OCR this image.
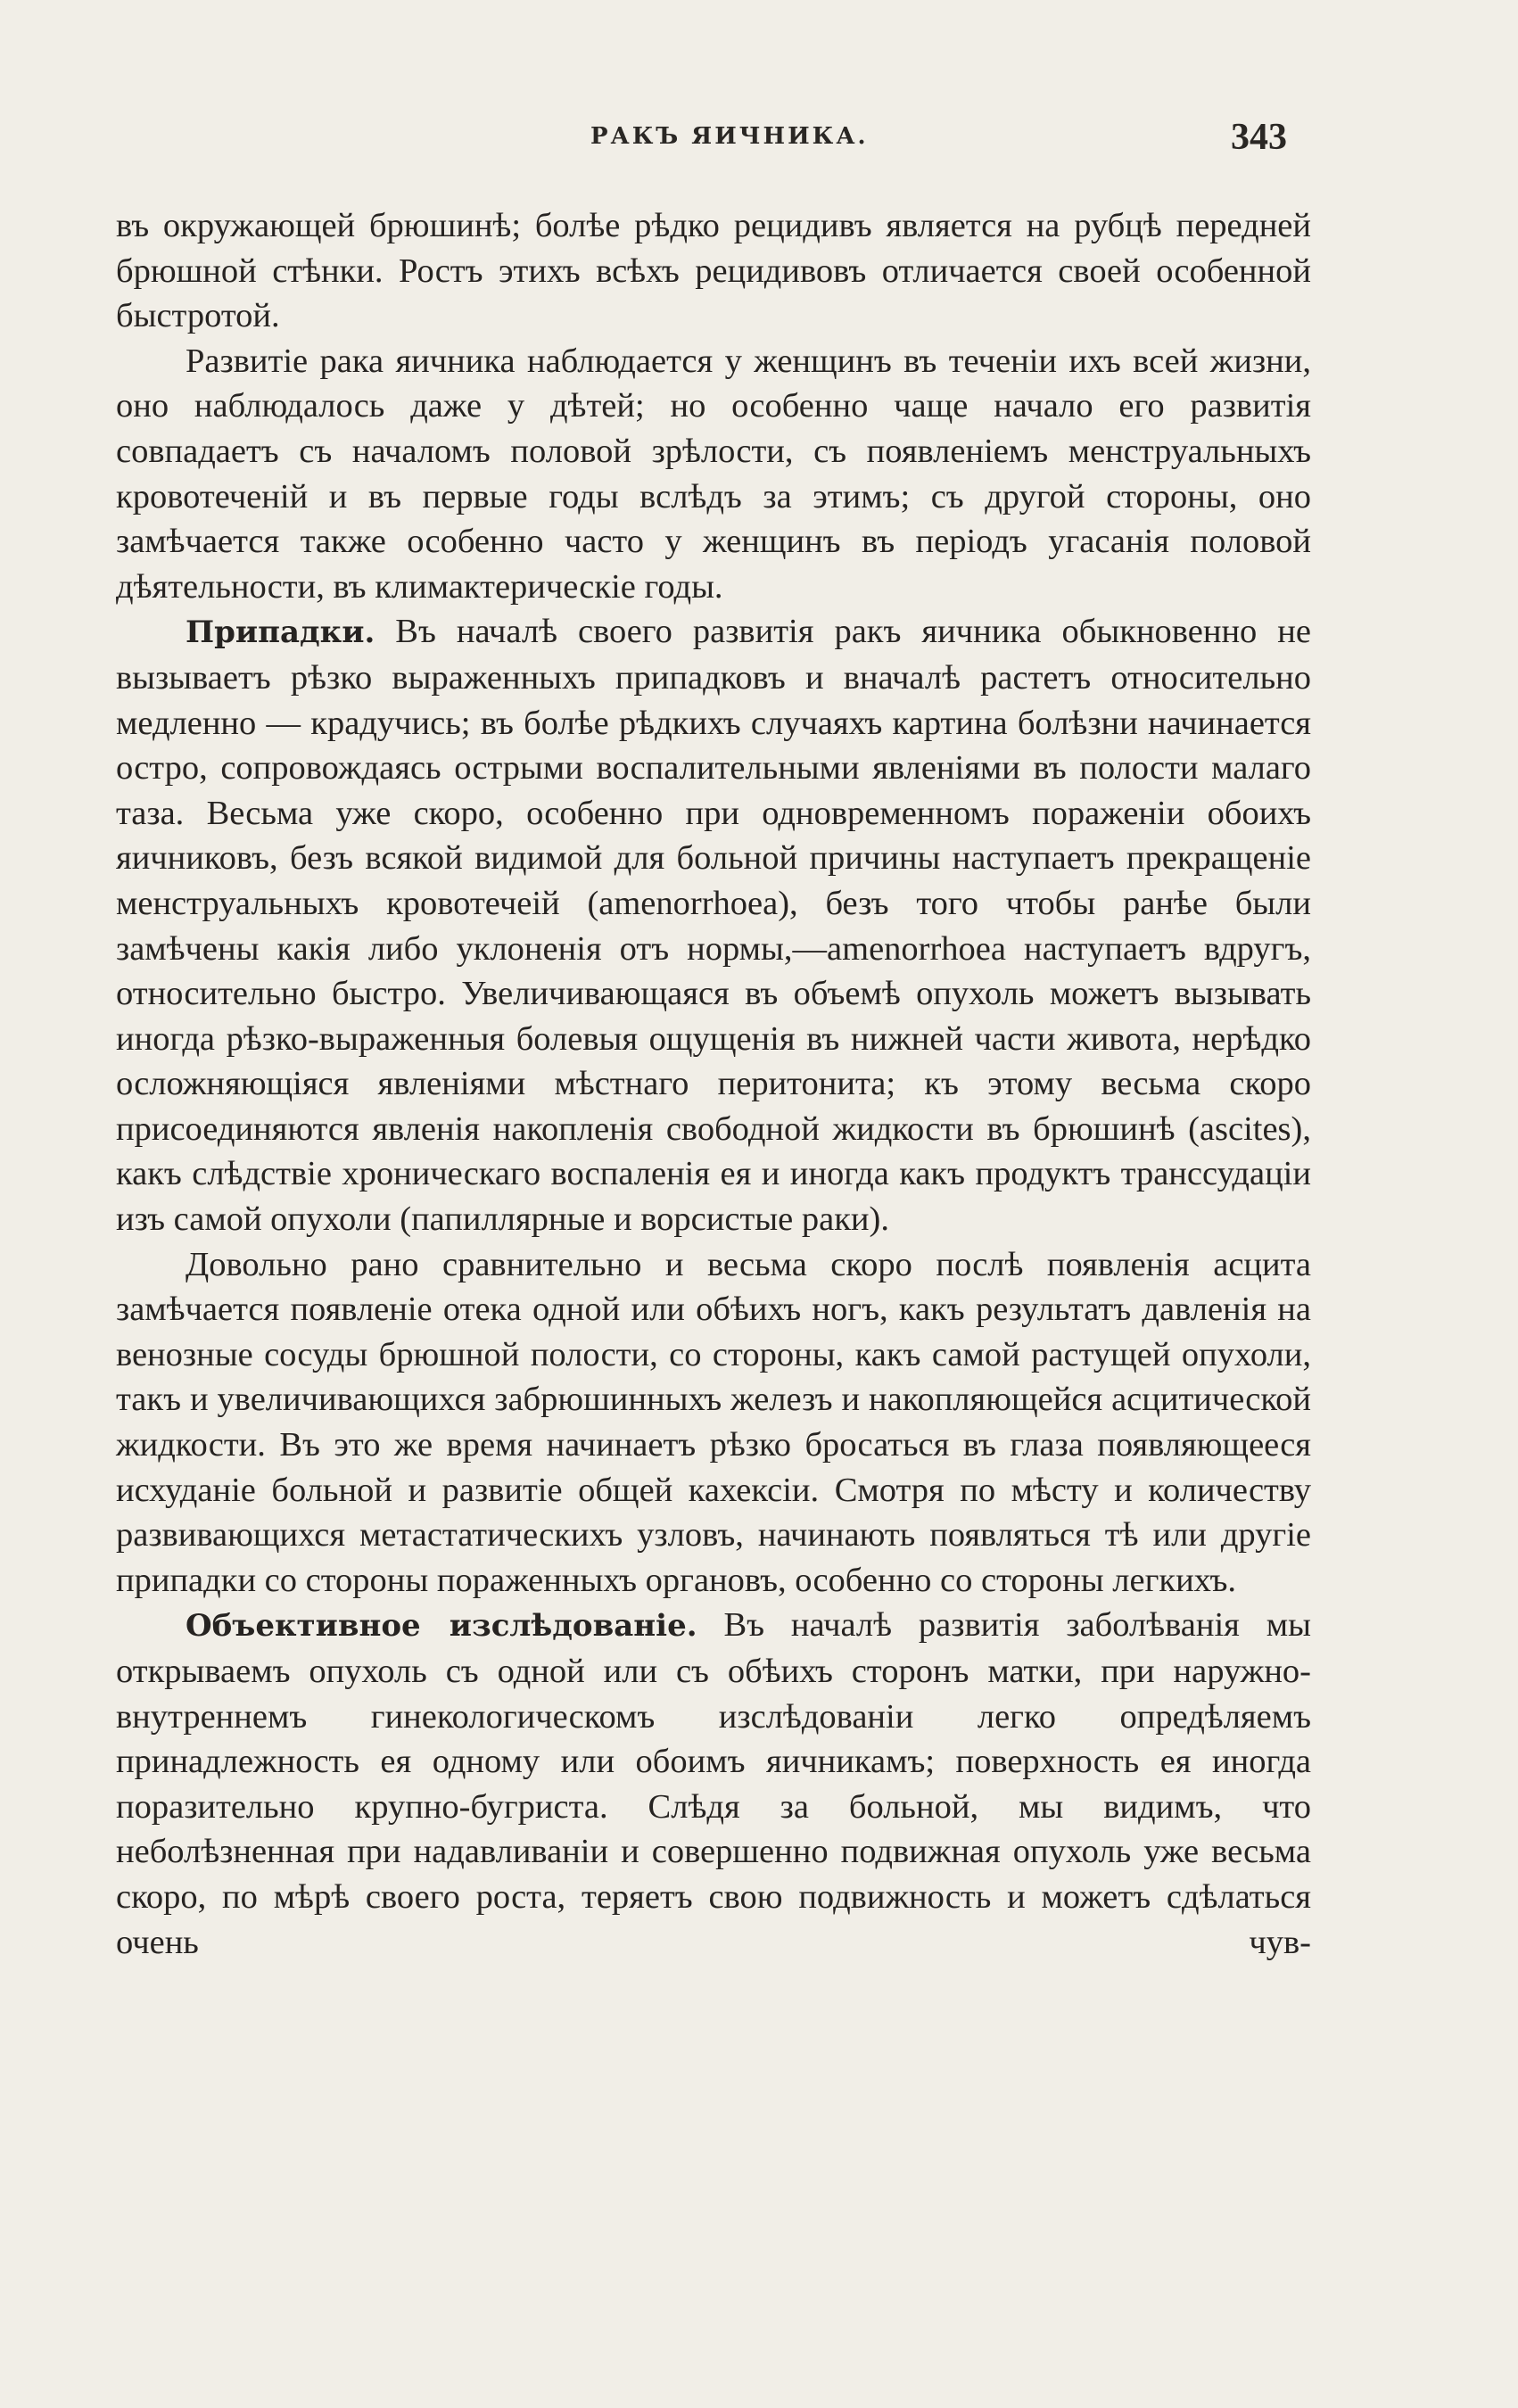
РАКЪ ЯИЧНИКА.	343

въ окружающей брюшинѣ; болѣе рѣдко рецидивъ является на рубцѣ передней брюшной стѣнки. Ростъ этихъ всѣхъ рецидивовъ отличается своей особенной быстротой.

Развитіе рака яичника наблюдается у женщинъ въ теченіи ихъ всей жизни, оно наблюдалось даже у дѣтей; но особенно чаще начало его развитія совпадаетъ съ началомъ половой зрѣлости, съ появленіемъ менструальныхъ кровотеченій и въ первые годы вслѣдъ за этимъ; съ другой стороны, оно замѣчается также особенно часто у женщинъ въ періодъ угасанія половой дѣятельности, въ климактерическіе годы.

Припадки. Въ началѣ своего развитія ракъ яичника обыкновенно не вызываетъ рѣзко выраженныхъ припадковъ и вначалѣ растетъ относительно медленно — крадучись; въ болѣе рѣдкихъ случаяхъ картина болѣзни начинается остро, сопровождаясь острыми воспалительными явленіями въ полости малаго таза. Весьма уже скоро, особенно при одновременномъ пораженіи обоихъ яичниковъ, безъ всякой видимой для больной причины наступаетъ прекращеніе менструальныхъ кровотечеій (amenorrhoea), безъ того чтобы ранѣе были замѣчены какія либо уклоненія отъ нормы,—amenorrhoea наступаетъ вдругъ, относительно быстро. Увеличивающаяся въ объемѣ опухоль можетъ вызывать иногда рѣзко-выраженныя болевыя ощущенія въ нижней части живота, нерѣдко осложняющіяся явленіями мѣстнаго перитонита; къ этому весьма скоро присоединяются явленія накопленія свободной жидкости въ брюшинѣ (ascites), какъ слѣдствіе хроническаго воспаленія ея и иногда какъ продуктъ транссудаціи изъ самой опухоли (папиллярные и ворсистые раки).

Довольно рано сравнительно и весьма скоро послѣ появленія асцита замѣчается появленіе отека одной или обѣихъ ногъ, какъ результатъ давленія на венозные сосуды брюшной полости, со стороны, какъ самой растущей опухоли, такъ и увеличивающихся забрюшинныхъ железъ и накопляющейся асцитической жидкости. Въ это же время начинаетъ рѣзко бросаться въ глаза появляющееся исхуданіе больной и развитіе общей кахексіи. Смотря по мѣсту и количеству развивающихся метастатическихъ узловъ, начинають появляться тѣ или другіе припадки со стороны пораженныхъ органовъ, особенно со стороны легкихъ.

Объективное изслѣдованіе. Въ началѣ развитія заболѣванія мы открываемъ опухоль съ одной или съ обѣихъ сторонъ матки, при наружно-внутреннемъ гинекологическомъ изслѣдованіи легко опредѣляемъ принадлежность ея одному или обоимъ яичникамъ; поверхность ея иногда поразительно крупно-бугриста. Слѣдя за больной, мы видимъ, что неболѣзненная при надавливаніи и совершенно подвижная опухоль уже весьма скоро, по мѣрѣ своего роста, теряетъ свою подвижность и можетъ сдѣлаться очень чув-
